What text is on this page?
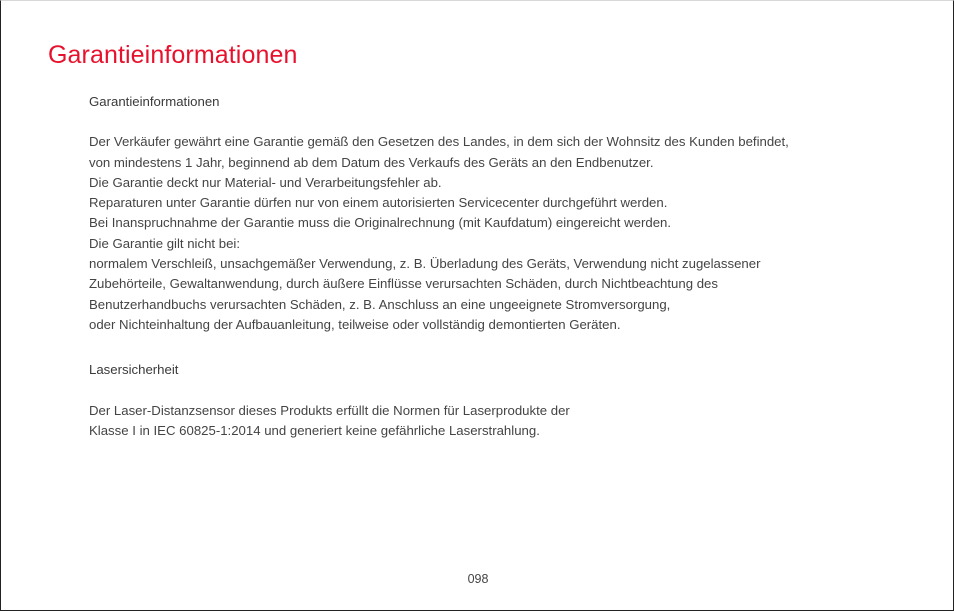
Garantieinformationen
Garantieinformationen

Der Verkäufer gewährt eine Garantie gemäß den Gesetzen des Landes, in dem sich der Wohnsitz des Kunden befindet,
von mindestens 1 Jahr, beginnend ab dem Datum des Verkaufs des Geräts an den Endbenutzer.
Die Garantie deckt nur Material- und Verarbeitungsfehler ab.
Reparaturen unter Garantie dürfen nur von einem autorisierten Servicecenter durchgeführt werden.
Bei Inanspruchnahme der Garantie muss die Originalrechnung (mit Kaufdatum) eingereicht werden.
Die Garantie gilt nicht bei:
normalem Verschleiß, unsachgemäßer Verwendung, z. B. Überladung des Geräts, Verwendung nicht zugelassener
Zubehörteile, Gewaltanwendung, durch äußere Einflüsse verursachten Schäden, durch Nichtbeachtung des
Benutzerhandbuchs verursachten Schäden, z. B. Anschluss an eine ungeeignete Stromversorgung,
oder Nichteinhaltung der Aufbauanleitung, teilweise oder vollständig demontierten Geräten.

Lasersicherheit

Der Laser-Distanzsensor dieses Produkts erfüllt die Normen für Laserprodukte der
Klasse I in IEC 60825-1:2014 und generiert keine gefährliche Laserstrahlung.

098
